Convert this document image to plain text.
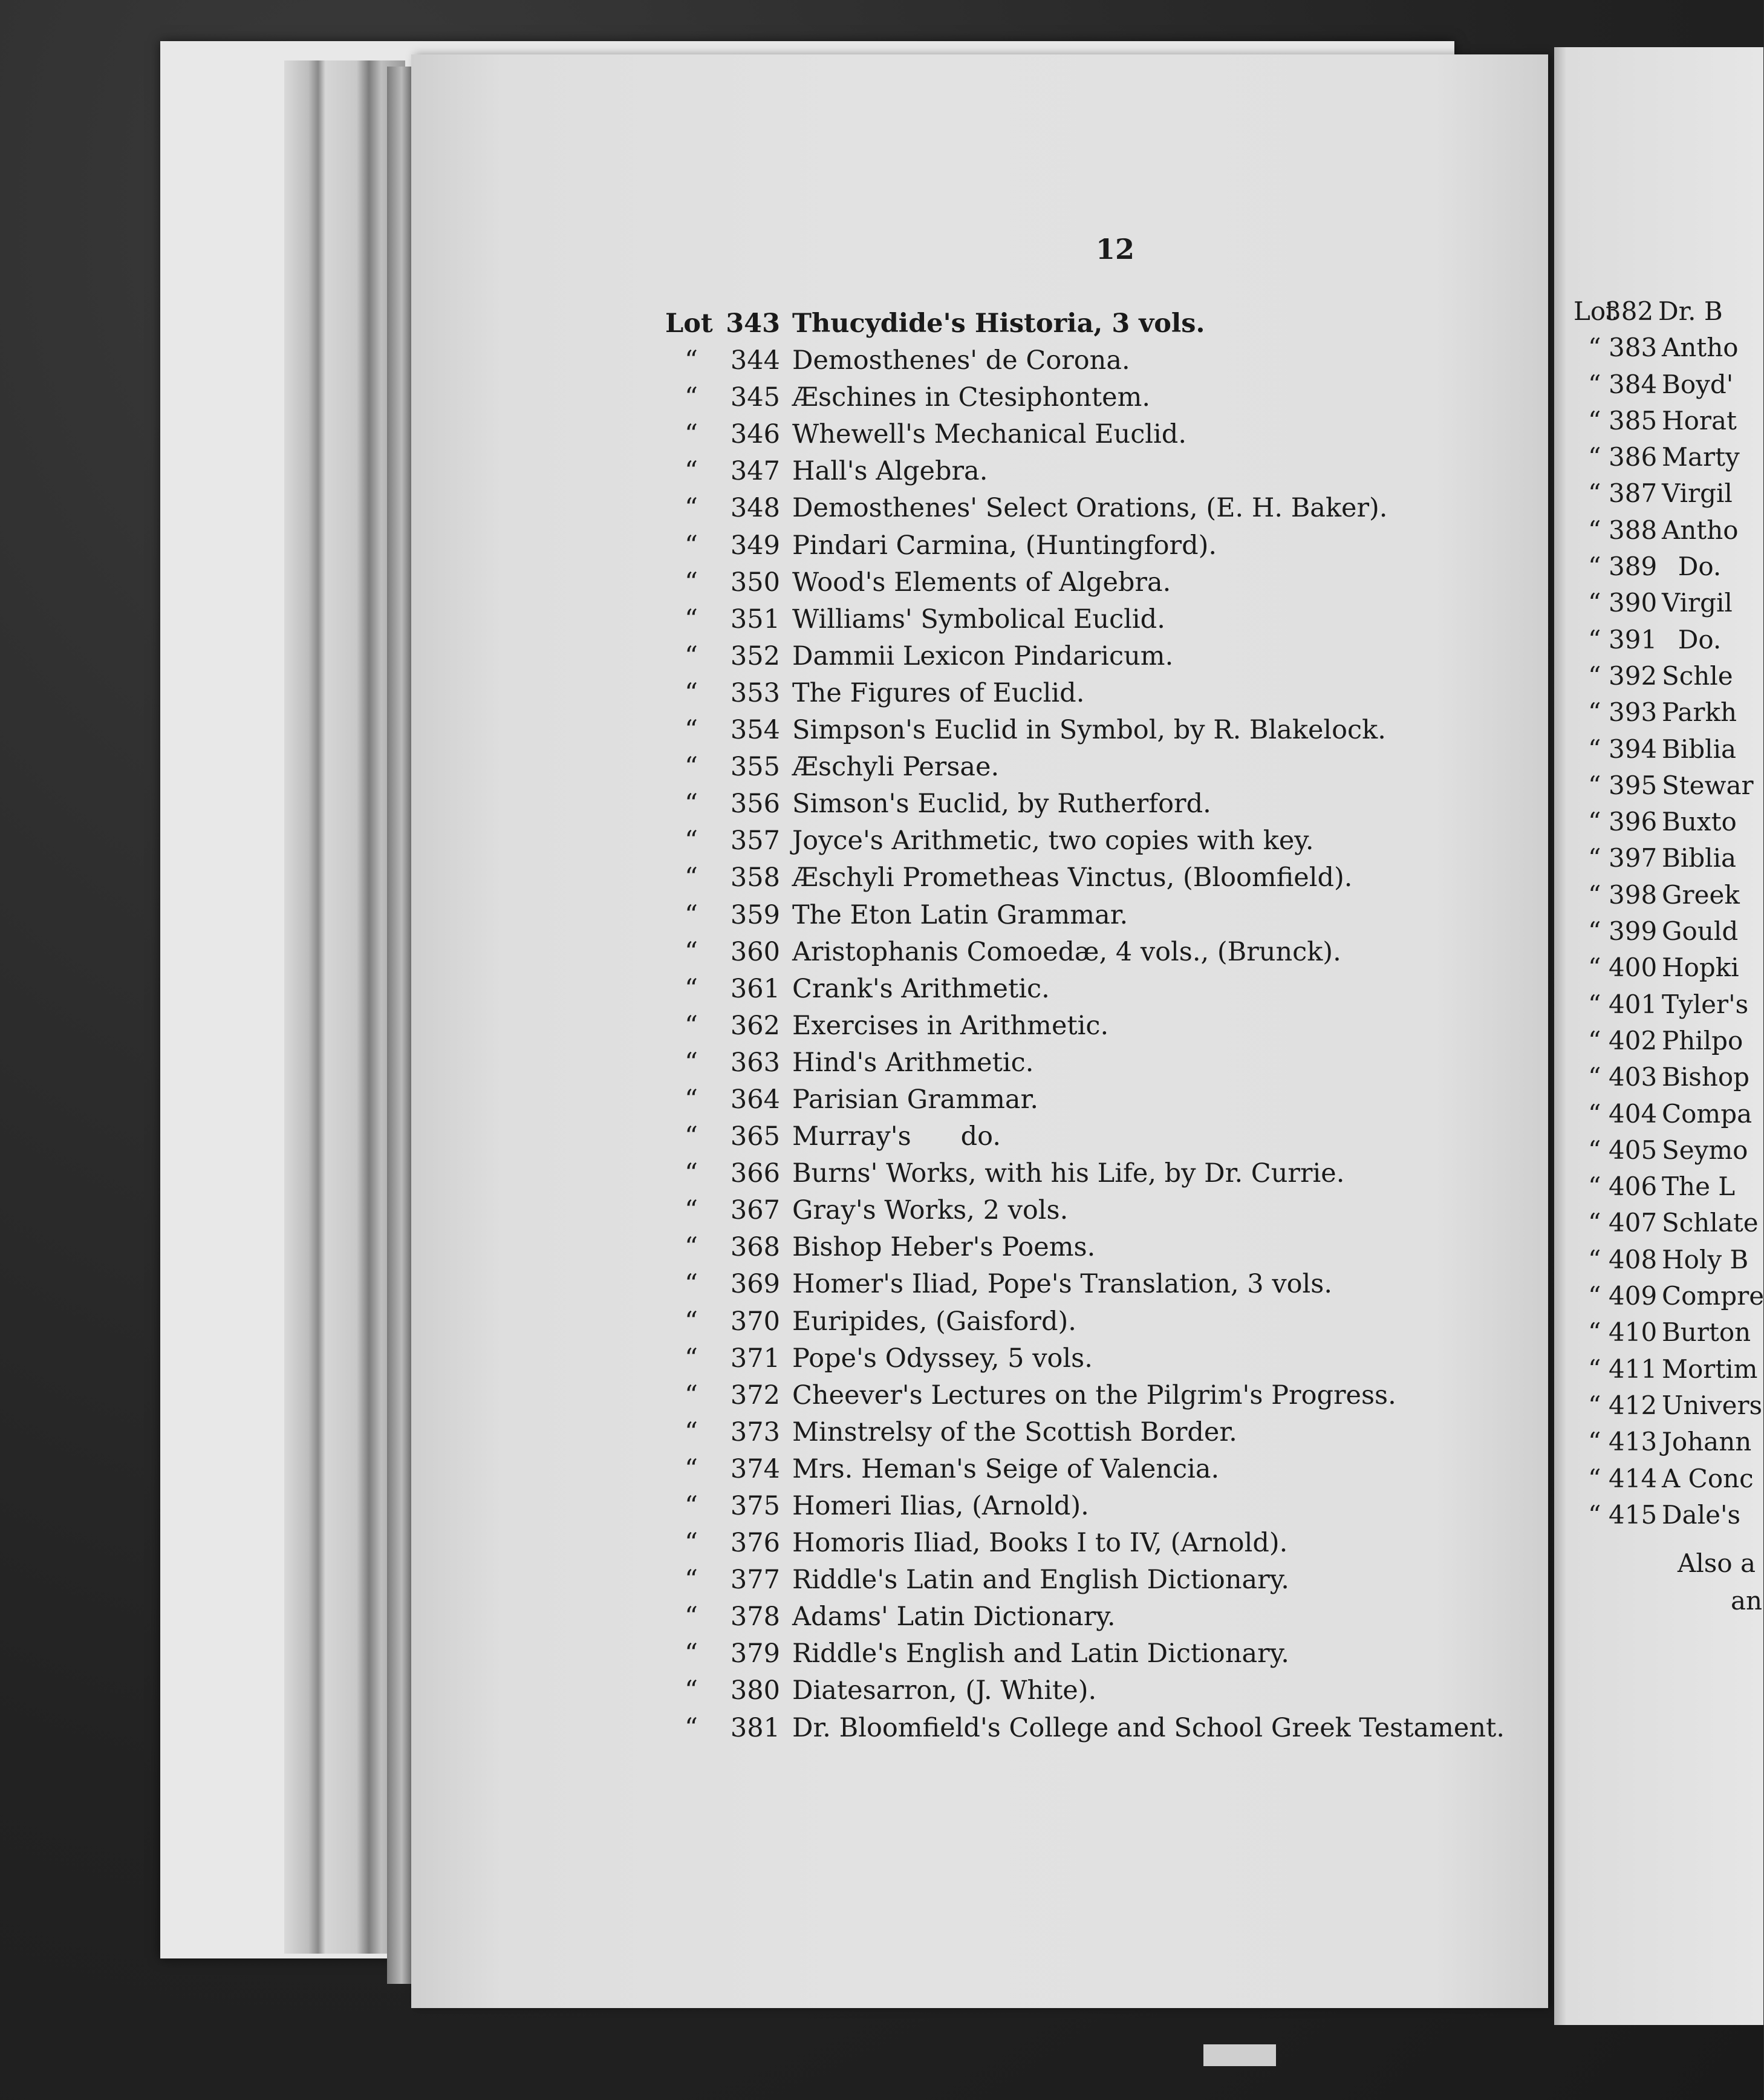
12
Lot 343 Thucydide's Historia, 3 vols.
“ 344 Demosthenes' de Corona.
“ 345 Æschines in Ctesiphontem.
“ 346 Whewell's Mechanical Euclid.
“ 347 Hall's Algebra.
“ 348 Demosthenes' Select Orations, (E. H. Baker).
“ 349 Pindari Carmina, (Huntingford).
“ 350 Wood's Elements of Algebra.
“ 351 Williams' Symbolical Euclid.
“ 352 Dammii Lexicon Pindaricum.
“ 353 The Figures of Euclid.
“ 354 Simpson's Euclid in Symbol, by R. Blakelock.
“ 355 Æschyli Persae.
“ 356 Simson's Euclid, by Rutherford.
“ 357 Joyce's Arithmetic, two copies with key.
“ 358 Æschyli Prometheas Vinctus, (Bloomfield).
“ 359 The Eton Latin Grammar.
“ 360 Aristophanis Comoedæ, 4 vols., (Brunck).
“ 361 Crank's Arithmetic.
“ 362 Exercises in Arithmetic.
“ 363 Hind's Arithmetic.
“ 364 Parisian Grammar.
“ 365 Murray's      do.
“ 366 Burns' Works, with his Life, by Dr. Currie.
“ 367 Gray's Works, 2 vols.
“ 368 Bishop Heber's Poems.
“ 369 Homer's Iliad, Pope's Translation, 3 vols.
“ 370 Euripides, (Gaisford).
“ 371 Pope's Odyssey, 5 vols.
“ 372 Cheever's Lectures on the Pilgrim's Progress.
“ 373 Minstrelsy of the Scottish Border.
“ 374 Mrs. Heman's Seige of Valencia.
“ 375 Homeri Ilias, (Arnold).
“ 376 Homoris Iliad, Books I to IV, (Arnold).
“ 377 Riddle's Latin and English Dictionary.
“ 378 Adams' Latin Dictionary.
“ 379 Riddle's English and Latin Dictionary.
“ 380 Diatesarron, (J. White).
“ 381 Dr. Bloomfield's College and School Greek Testament.
Lot382 Dr. B
“ 383 Antho
“ 384 Boyd'
“ 385 Horat
“ 386 Marty
“ 387 Virgil
“ 388 Antho
“ 389  Do.
“ 390 Virgil
“ 391  Do.
“ 392 Schle
“ 393 Parkh
“ 394 Biblia
“ 395 Stewar
“ 396 Buxto
“ 397 Biblia
“ 398 Greek
“ 399 Gould
“ 400 Hopki
“ 401 Tyler's
“ 402 Philpo
“ 403 Bishop
“ 404 Compa
“ 405 Seymo
“ 406 The L
“ 407 Schlate
“ 408 Holy B
“ 409 Compre
“ 410 Burton
“ 411 Mortim
“ 412 Univers
“ 413 Johann
“ 414 A Conc
“ 415 Dale's
Also a
an
